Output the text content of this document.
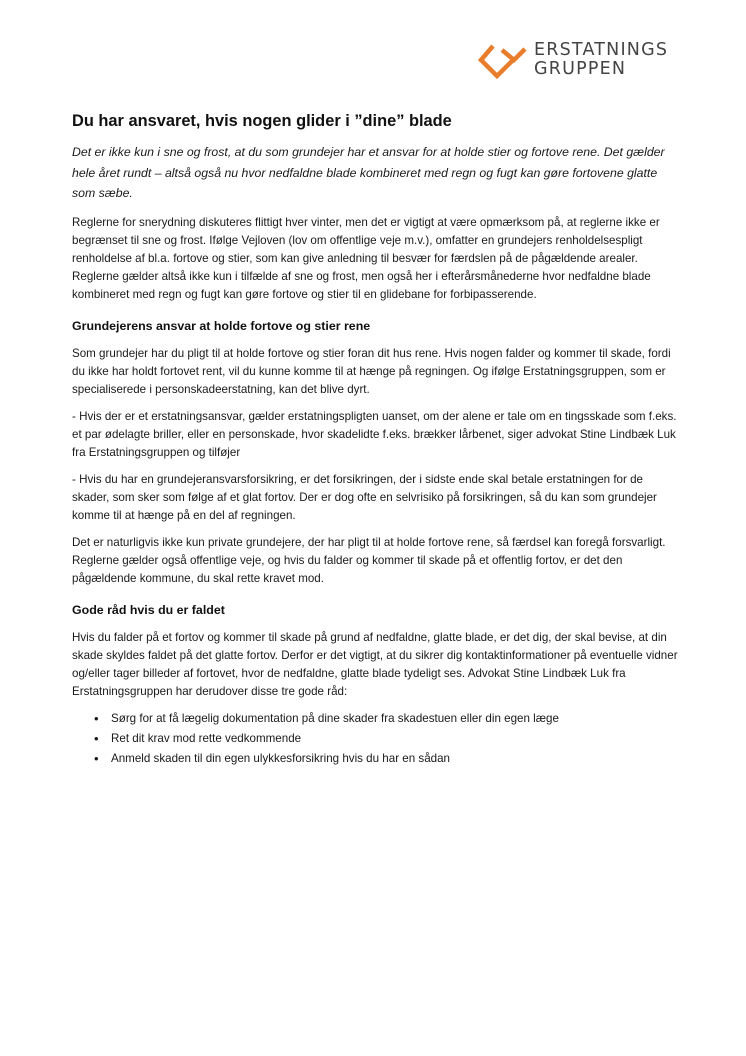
ERSTATNINGS
GRUPPEN
Du har ansvaret, hvis nogen glider i ”dine” blade

Det er ikke kun i sne og frost, at du som grundejer har et ansvar for at holde stier og fortove rene. Det gælder hele året rundt – altså også nu hvor nedfaldne blade kombineret med regn og fugt kan gøre fortovene glatte som sæbe.

Reglerne for snerydning diskuteres flittigt hver vinter, men det er vigtigt at være opmærksom på, at reglerne ikke er begrænset til sne og frost. Ifølge Vejloven (lov om offentlige veje m.v.), omfatter en grundejers renholdelsespligt renholdelse af bl.a. fortove og stier, som kan give anledning til besvær for færdslen på de pågældende arealer. Reglerne gælder altså ikke kun i tilfælde af sne og frost, men også her i efterårsmånederne hvor nedfaldne blade kombineret med regn og fugt kan gøre fortove og stier til en glidebane for forbipasserende.

Grundejerens ansvar at holde fortove og stier rene

Som grundejer har du pligt til at holde fortove og stier foran dit hus rene. Hvis nogen falder og kommer til skade, fordi du ikke har holdt fortovet rent, vil du kunne komme til at hænge på regningen. Og ifølge Erstatningsgruppen, som er specialiserede i personskadeerstatning, kan det blive dyrt.

- Hvis der er et erstatningsansvar, gælder erstatningspligten uanset, om der alene er tale om en tingsskade som f.eks. et par ødelagte briller, eller en personskade, hvor skadelidte f.eks. brækker lårbenet, siger advokat Stine Lindbæk Luk fra Erstatningsgruppen og tilføjer

- Hvis du har en grundejeransvarsforsikring, er det forsikringen, der i sidste ende skal betale erstatningen for de skader, som sker som følge af et glat fortov. Der er dog ofte en selvrisiko på forsikringen, så du kan som grundejer komme til at hænge på en del af regningen.

Det er naturligvis ikke kun private grundejere, der har pligt til at holde fortove rene, så færdsel kan foregå forsvarligt. Reglerne gælder også offentlige veje, og hvis du falder og kommer til skade på et offentlig fortov, er det den pågældende kommune, du skal rette kravet mod.

Gode råd hvis du er faldet

Hvis du falder på et fortov og kommer til skade på grund af nedfaldne, glatte blade, er det dig, der skal bevise, at din skade skyldes faldet på det glatte fortov. Derfor er det vigtigt, at du sikrer dig kontaktinformationer på eventuelle vidner og/eller tager billeder af fortovet, hvor de nedfaldne, glatte blade tydeligt ses. Advokat Stine Lindbæk Luk fra Erstatningsgruppen har derudover disse tre gode råd:

• Sørg for at få lægelig dokumentation på dine skader fra skadestuen eller din egen læge
• Ret dit krav mod rette vedkommende
• Anmeld skaden til din egen ulykkesforsikring hvis du har en sådan
